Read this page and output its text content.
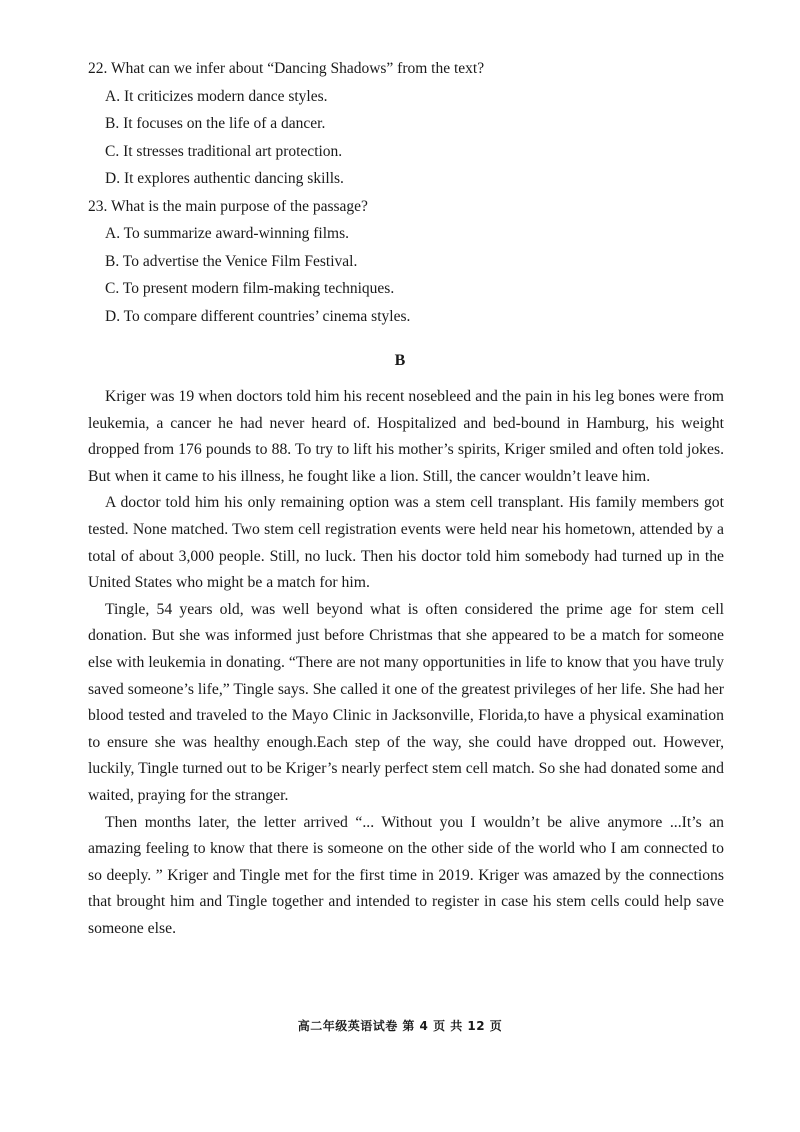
22. What can we infer about “Dancing Shadows” from the text?
A. It criticizes modern dance styles.
B. It focuses on the life of a dancer.
C. It stresses traditional art protection.
D. It explores authentic dancing skills.
23. What is the main purpose of the passage?
A. To summarize award-winning films.
B. To advertise the Venice Film Festival.
C. To present modern film-making techniques.
D. To compare different countries’ cinema styles.
B

Kriger was 19 when doctors told him his recent nosebleed and the pain in his leg bones were from leukemia, a cancer he had never heard of. Hospitalized and bed-bound in Hamburg, his weight dropped from 176 pounds to 88. To try to lift his mother’s spirits, Kriger smiled and often told jokes. But when it came to his illness, he fought like a lion. Still, the cancer wouldn’t leave him.

A doctor told him his only remaining option was a stem cell transplant. His family members got tested. None matched. Two stem cell registration events were held near his hometown, attended by a total of about 3,000 people. Still, no luck. Then his doctor told him somebody had turned up in the United States who might be a match for him.

Tingle, 54 years old, was well beyond what is often considered the prime age for stem cell donation. But she was informed just before Christmas that she appeared to be a match for someone else with leukemia in donating. “There are not many opportunities in life to know that you have truly saved someone’s life,” Tingle says. She called it one of the greatest privileges of her life. She had her blood tested and traveled to the Mayo Clinic in Jacksonville, Florida,to have a physical examination to ensure she was healthy enough.Each step of the way, she could have dropped out. However, luckily, Tingle turned out to be Kriger’s nearly perfect stem cell match. So she had donated some and waited, praying for the stranger.

Then months later, the letter arrived “... Without you I wouldn’t be alive anymore ...It’s an amazing feeling to know that there is someone on the other side of the world who I am connected to so deeply. ” Kriger and Tingle met for the first time in 2019. Kriger was amazed by the connections that brought him and Tingle together and intended to register in case his stem cells could help save someone else.

高二年级英语试卷 第 4 页 共 12 页
